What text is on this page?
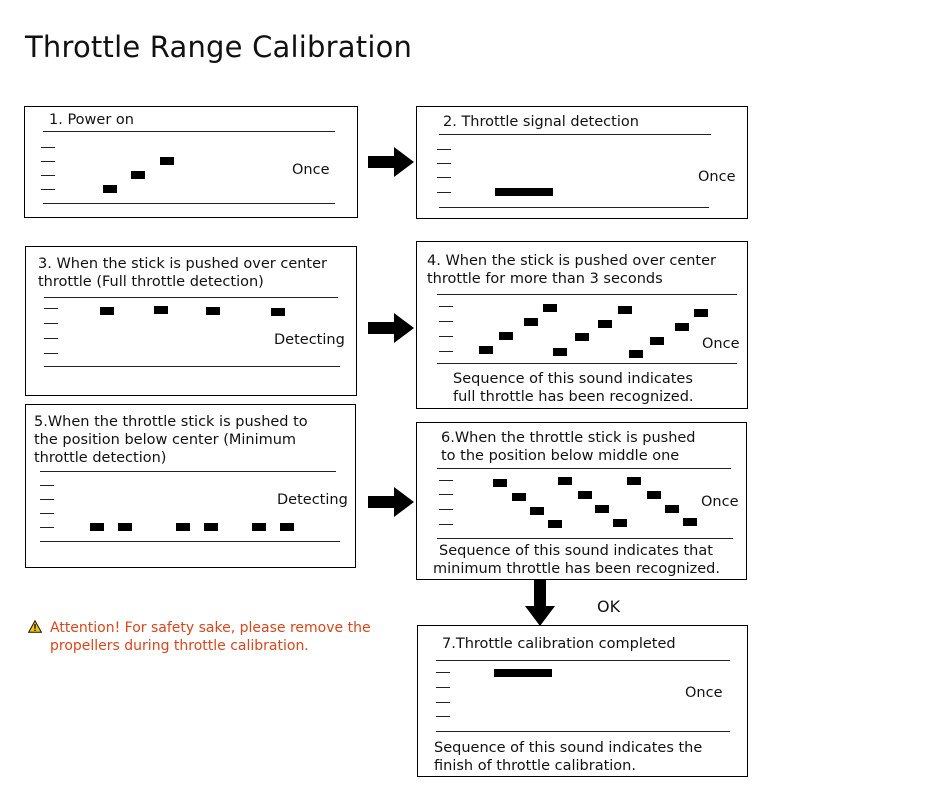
Throttle Range Calibration
1. Power on
Once
2. Throttle signal detection
Once
3. When the stick is pushed over center
throttle (Full throttle detection)
Detecting
4. When the stick is pushed over center
throttle for more than 3 seconds
Once
Sequence of this sound indicates
full throttle has been recognized.
5.When the throttle stick is pushed to
the position below center (Minimum
throttle detection)
Detecting
6.When the throttle stick is pushed
to the position below middle one
Once
Sequence of this sound indicates that
minimum throttle has been recognized.
OK
7.Throttle calibration completed
Once
Sequence of this sound indicates the
finish of throttle calibration.
Attention! For safety sake, please remove the
propellers during throttle calibration.
